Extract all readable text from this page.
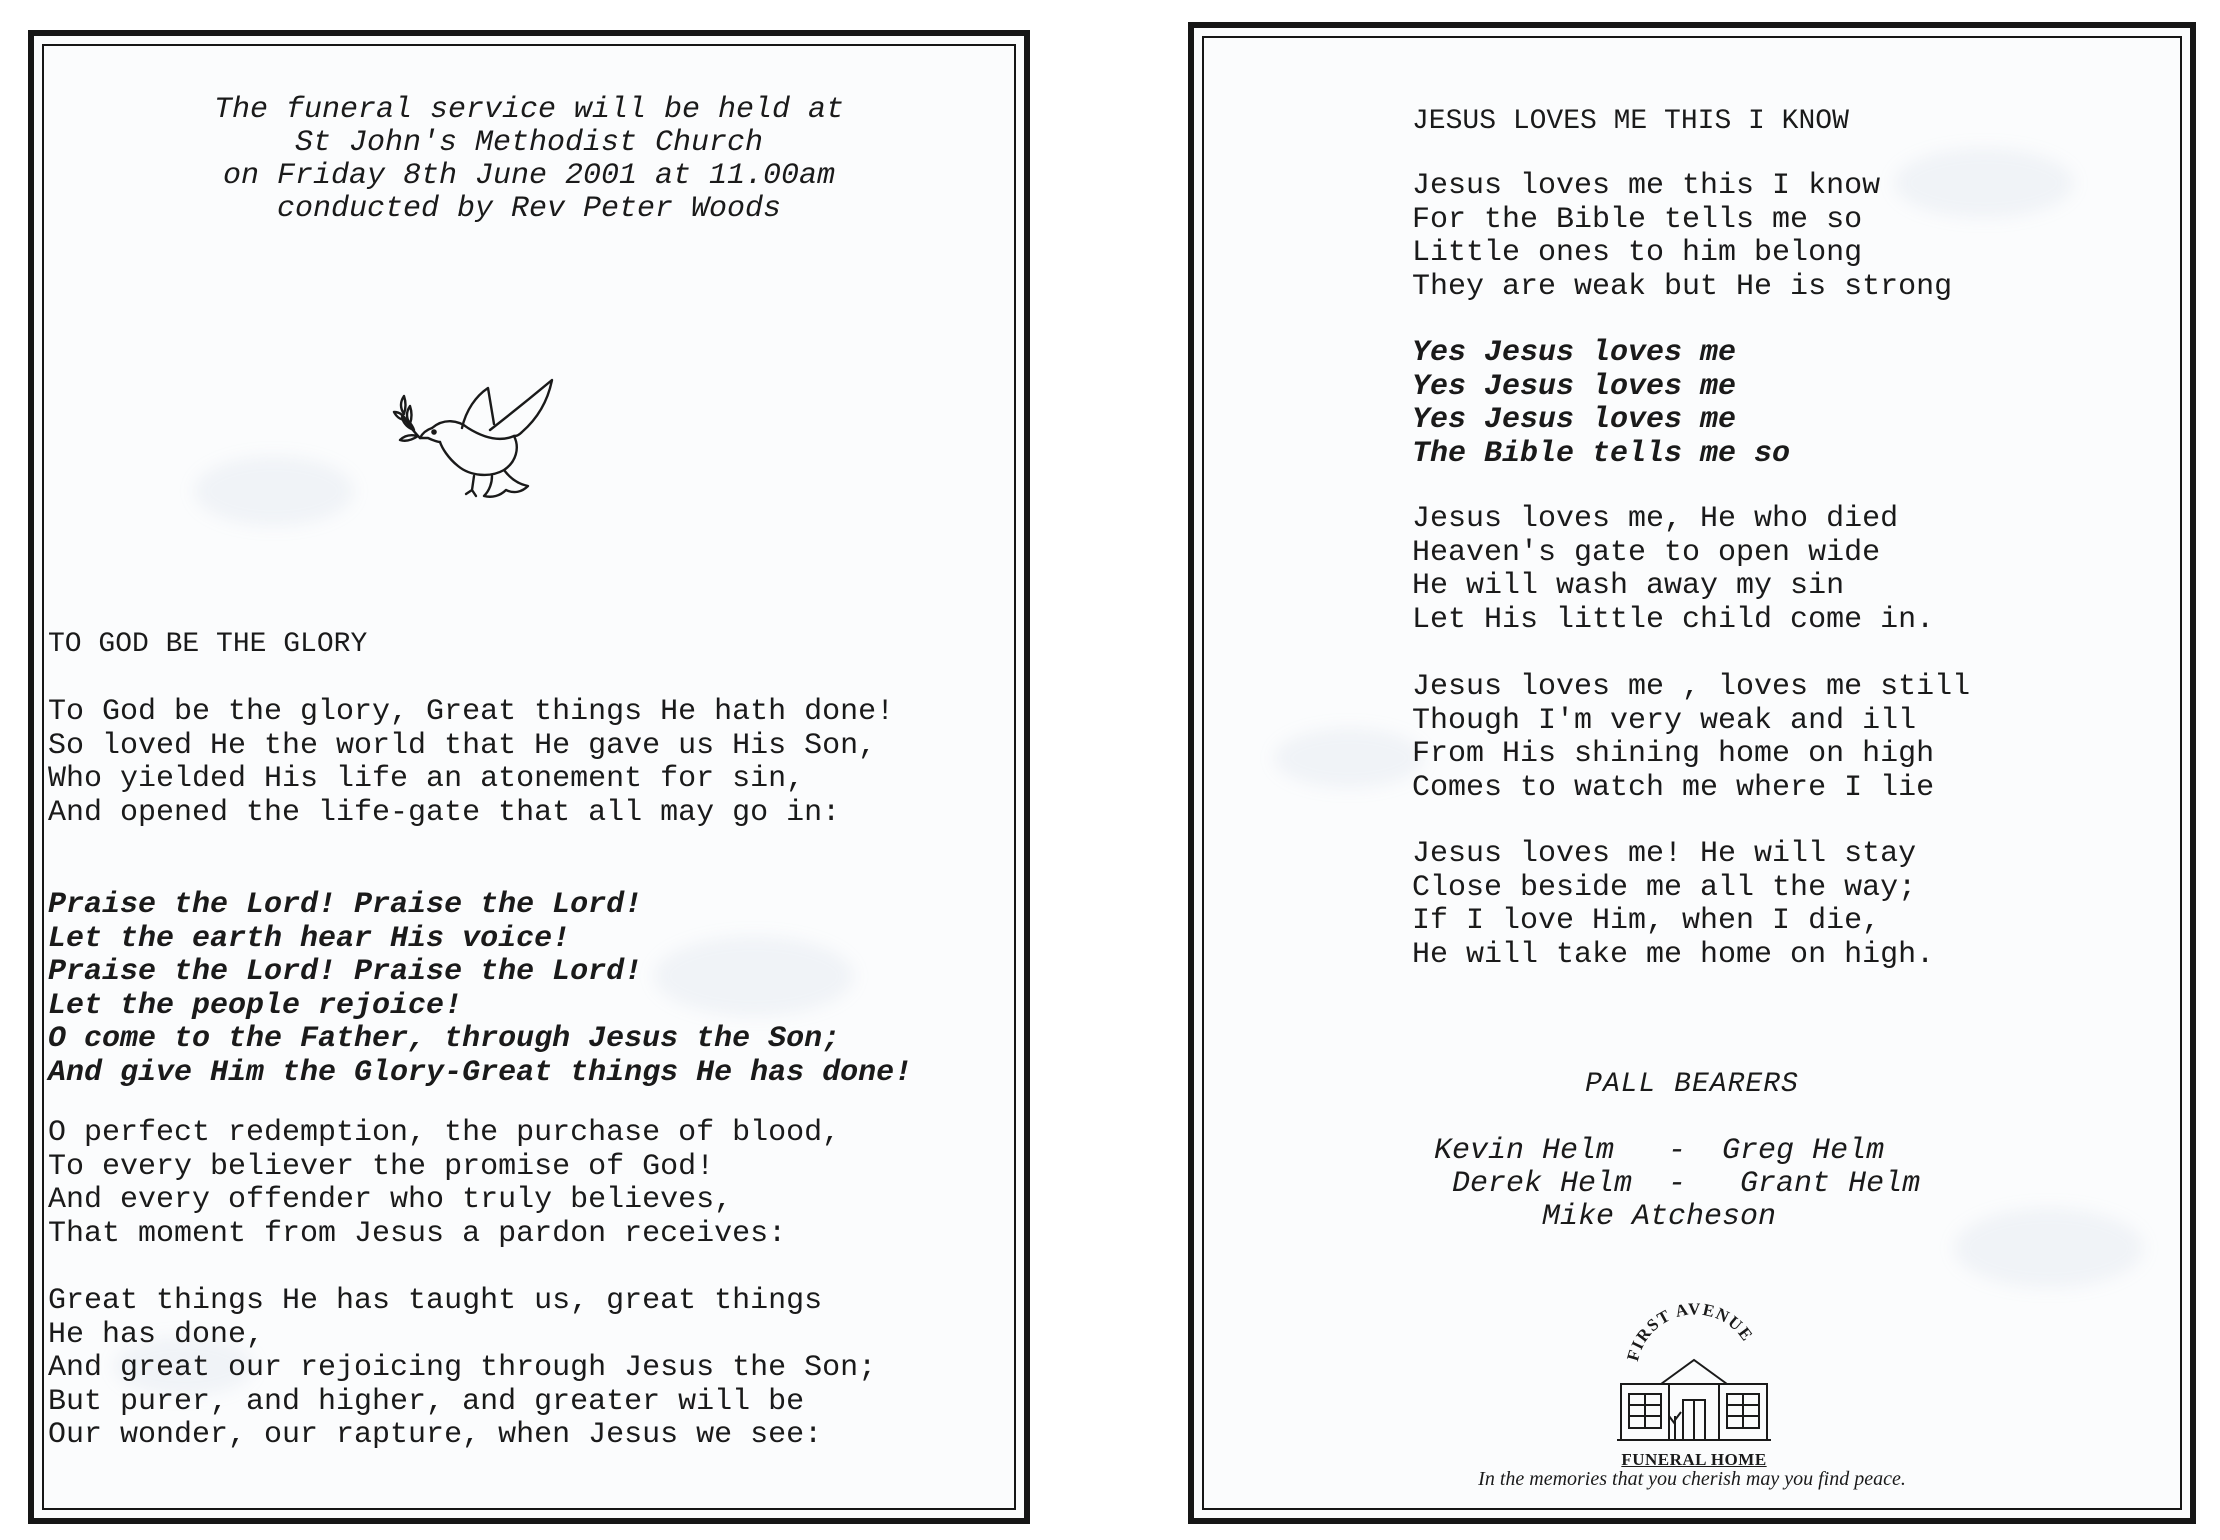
The funeral service will be held at
St John's Methodist Church
on Friday 8th June 2001 at 11.00am
conducted by Rev Peter Woods
TO GOD BE THE GLORY
To God be the glory, Great things He hath done!
So loved He the world that He gave us His Son,
Who yielded His life an atonement for sin,
And opened the life-gate that all may go in:
Praise the Lord! Praise the Lord!
Let the earth hear His voice!
Praise the Lord! Praise the Lord!
Let the people rejoice!
O come to the Father, through Jesus the Son;
And give Him the Glory-Great things He has done!
O perfect redemption, the purchase of blood,
To every believer the promise of God!
And every offender who truly believes,
That moment from Jesus a pardon receives:
Great things He has taught us, great things
He has done,
And great our rejoicing through Jesus the Son;
But purer, and higher, and greater will be
Our wonder, our rapture, when Jesus we see:
JESUS LOVES ME THIS I KNOW
Jesus loves me this I know
For the Bible tells me so
Little ones to him belong
They are weak but He is strong
Yes Jesus loves me
Yes Jesus loves me
Yes Jesus loves me
The Bible tells me so
Jesus loves me, He who died
Heaven's gate to open wide
He will wash away my sin
Let His little child come in.
Jesus loves me , loves me still
Though I'm very weak and ill
From His shining home on high
Comes to watch me where I lie
Jesus loves me! He will stay
Close beside me all the way;
If I love Him, when I die,
He will take me home on high.
PALL BEARERS
Kevin Helm   -  Greg Helm
Derek Helm  -   Grant Helm
Mike Atcheson
FIRST AVENUE
FUNERAL HOME
In the memories that you cherish may you find peace.
